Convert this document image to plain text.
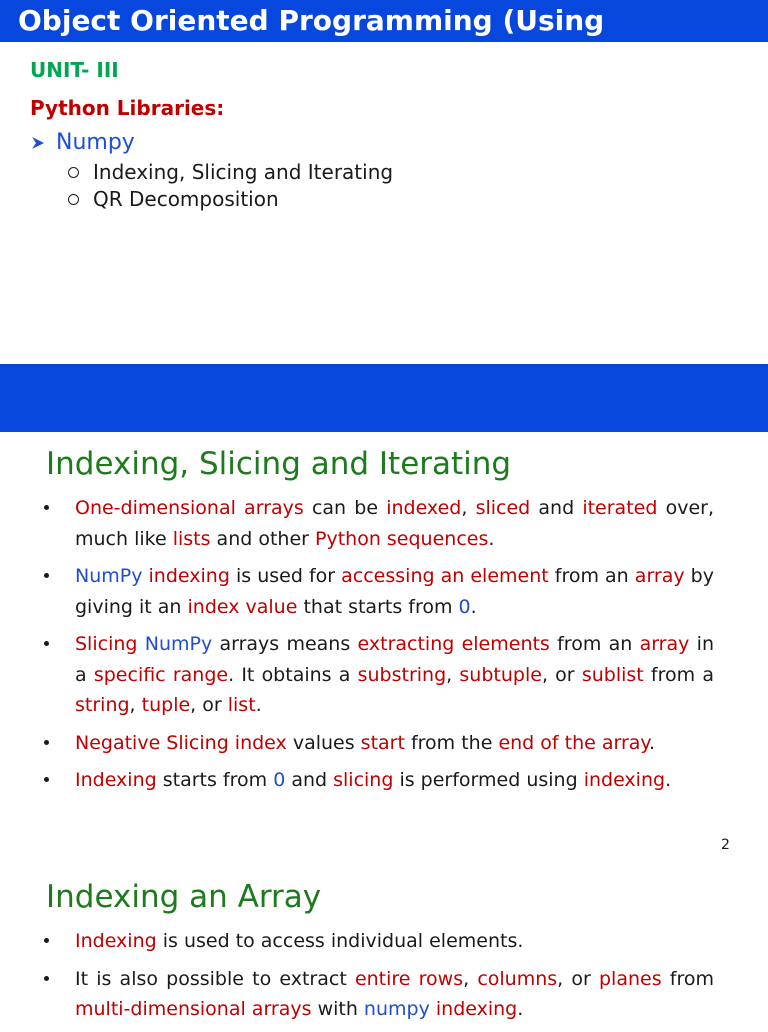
Object Oriented Programming (Using
UNIT- III
Python Libraries:
Numpy
Indexing, Slicing and Iterating
QR Decomposition
Indexing, Slicing and Iterating
One-dimensional arrays can be indexed, sliced and iterated over, much like lists and other Python sequences.
NumPy indexing is used for accessing an element from an array by giving it an index value that starts from 0.
Slicing NumPy arrays means extracting elements from an array in a specific range. It obtains a substring, subtuple, or sublist from a string, tuple, or list.
Negative Slicing index values start from the end of the array.
Indexing starts from 0 and slicing is performed using indexing.
2
Indexing an Array
Indexing is used to access individual elements.
It is also possible to extract entire rows, columns, or planes from multi-dimensional arrays with numpy indexing.
